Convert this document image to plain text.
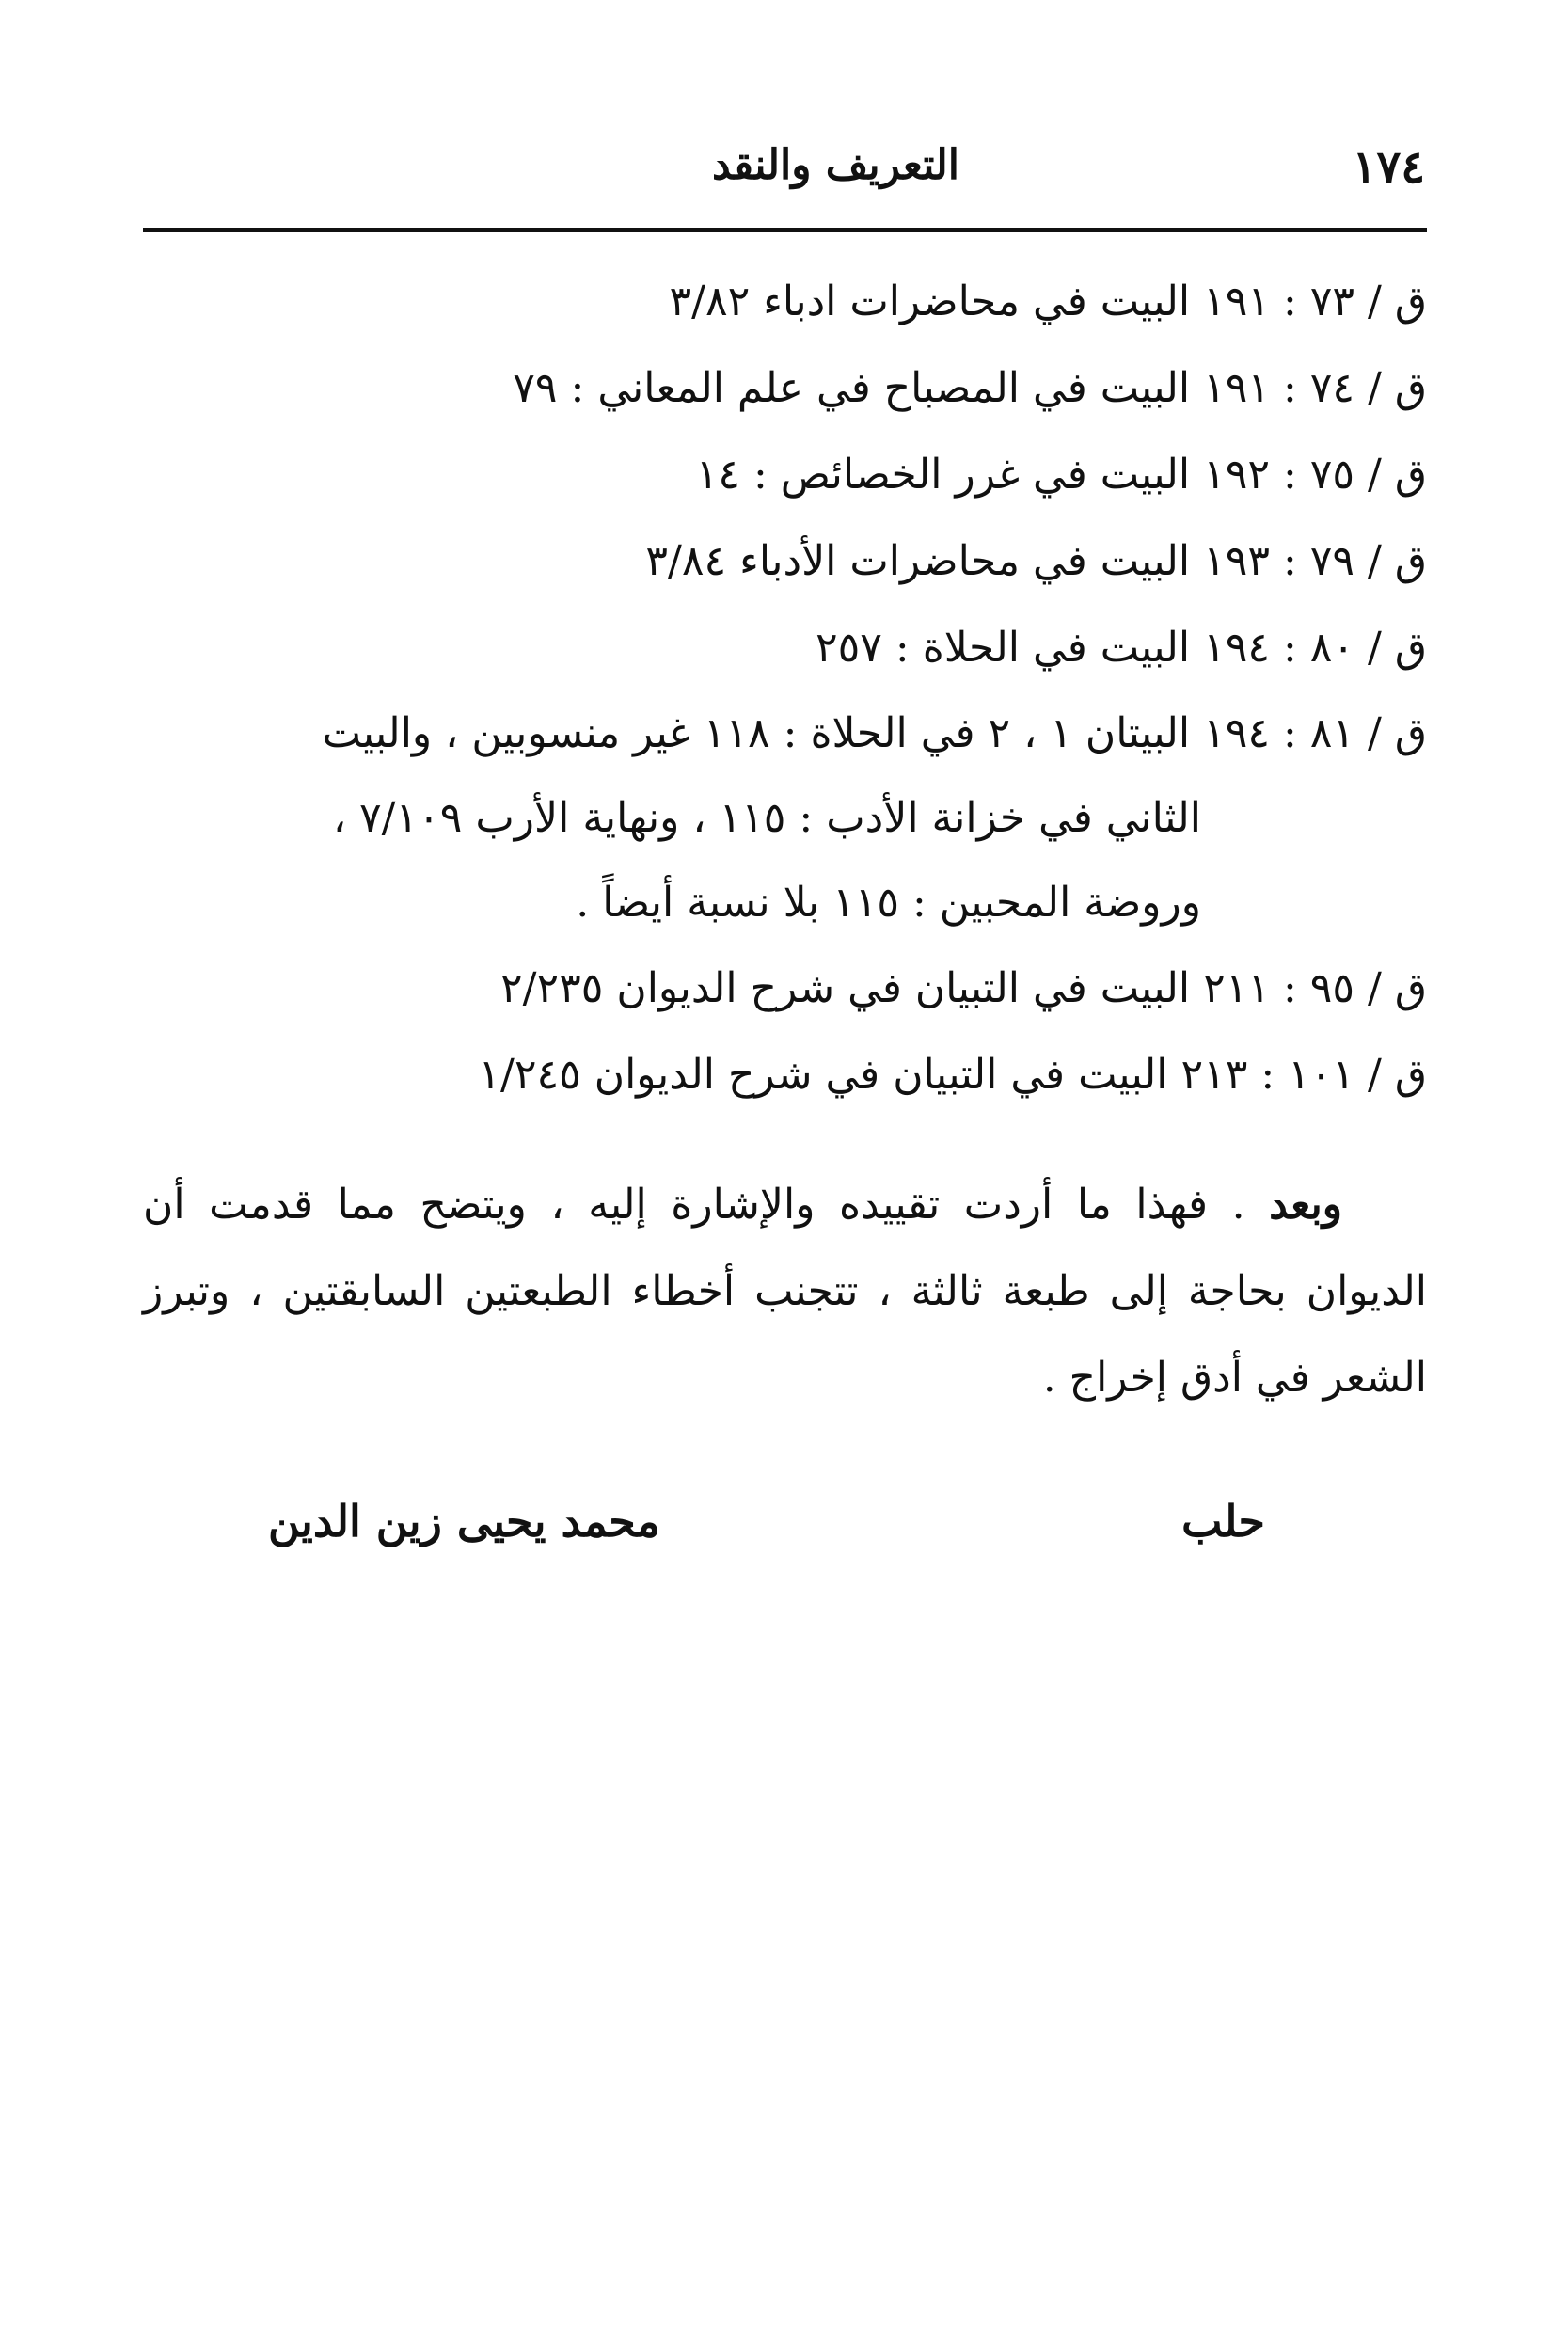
١٧٤
التعريف والنقد
ق / ٧٣ : ١٩١ البيت في محاضرات ادباء ٣/٨٢
ق / ٧٤ : ١٩١ البيت في المصباح في علم المعاني : ٧٩
ق / ٧٥ : ١٩٢ البيت في غرر الخصائص : ١٤
ق / ٧٩ : ١٩٣ البيت في محاضرات الأدباء ٣/٨٤
ق / ٨٠ : ١٩٤ البيت في الحلاة : ٢٥٧
ق / ٨١ : ١٩٤ البيتان ١ ، ٢ في الحلاة : ١١٨ غير منسوبين ، والبيت
الثاني في خزانة الأدب : ١١٥ ، ونهاية الأرب ٧/١٠٩ ،
وروضة المحبين : ١١٥ بلا نسبة أيضاً .
ق / ٩٥ : ٢١١ البيت في التبيان في شرح الديوان ٢/٢٣٥
ق / ١٠١ : ٢١٣ البيت في التبيان في شرح الديوان ١/٢٤٥

وبعد . فهذا ما أردت تقييده والإشارة إليه ، ويتضح مما قدمت أن الديوان بحاجة إلى طبعة ثالثة ، تتجنب أخطاء الطبعتين السابقتين ، وتبرز الشعر في أدق إخراج .

حلب
محمد يحيى زين الدين
